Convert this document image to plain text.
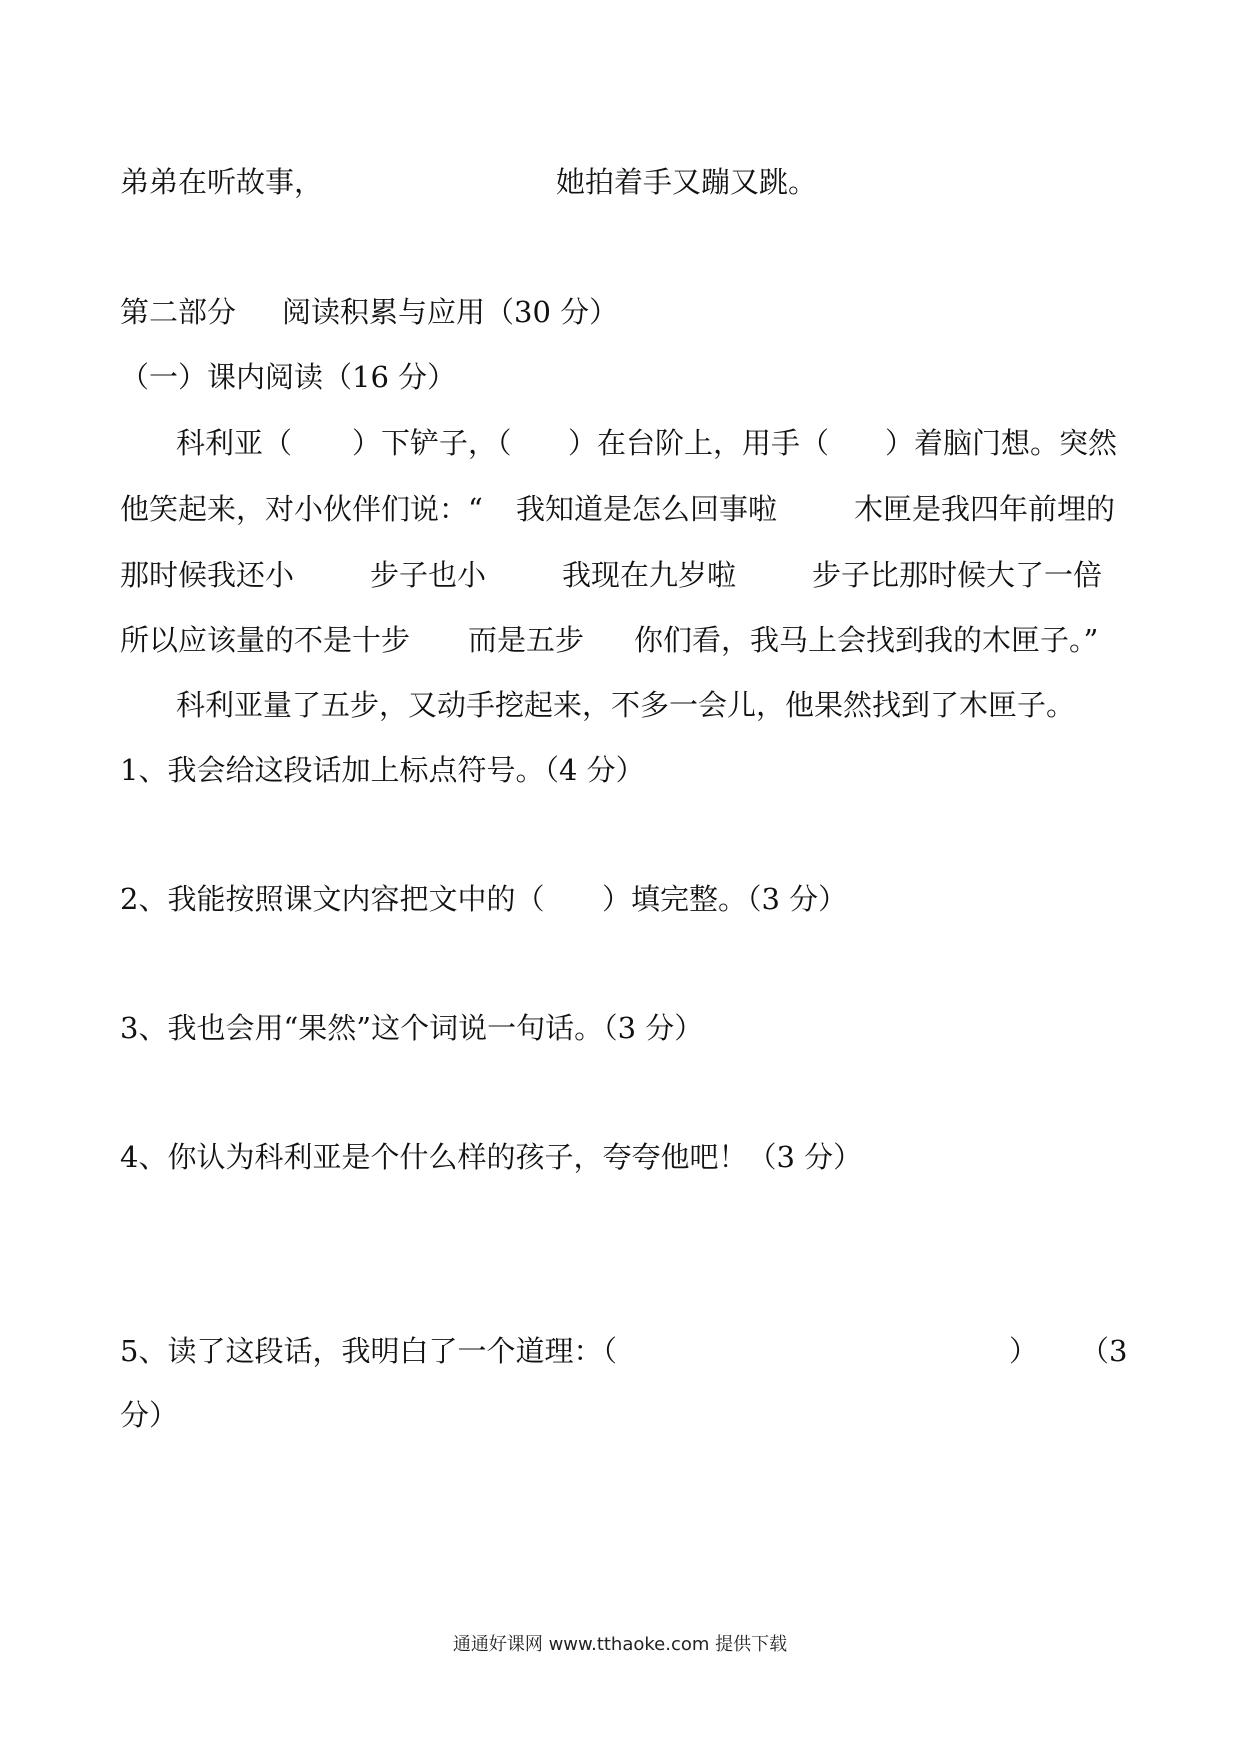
弟弟在听故事，	她拍着手又蹦又跳。
第二部分 阅读积累与应用（30 分）
（一）课内阅读（16 分）
科利亚（ ）下铲子，（ ）在台阶上，用手（ ）着脑门想。突然
他笑起来，对小伙伴们说：“ 我知道是怎么回事啦	木匣是我四年前埋的
那时候我还小	步子也小	我现在九岁啦	步子比那时候大了一倍
所以应该量的不是十步 而是五步 你们看，我马上会找到我的木匣子。”
科利亚量了五步，又动手挖起来，不多一会儿，他果然找到了木匣子。
1、我会给这段话加上标点符号。（4 分）
2、我能按照课文内容把文中的（ ）填完整。（3 分）
3、我也会用“果然”这个词说一句话。（3 分）
4、你认为科利亚是个什么样的孩子，夸夸他吧！（3 分）
5、读了这段话，我明白了一个道理：（	） （3
分）
通通好课网 www.tthaoke.com 提供下载
